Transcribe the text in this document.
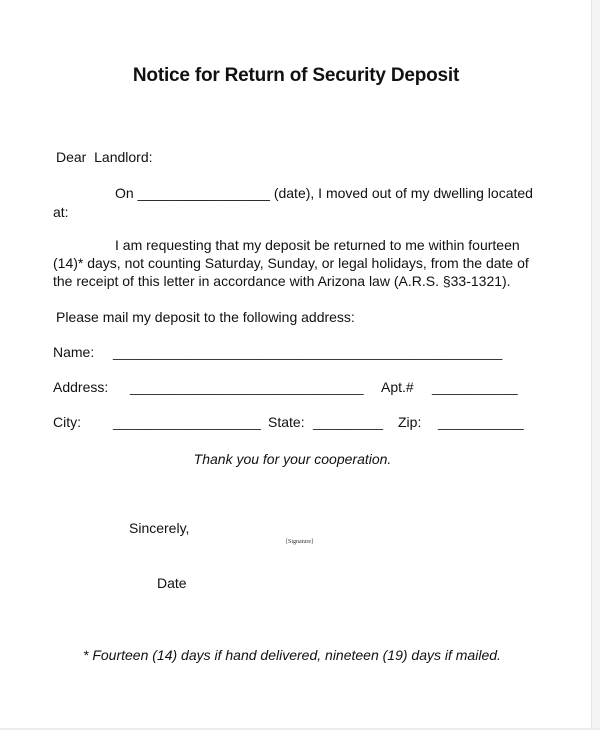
Notice for Return of Security Deposit
Dear  Landlord:
On _________________ (date), I moved out of my dwelling located
at:
I am requesting that my deposit be returned to me within fourteen
(14)* days, not counting Saturday, Sunday, or legal holidays, from the date of
the receipt of this letter in accordance with Arizona law (A.R.S. §33-1321).
Please mail my deposit to the following address:
Name: __________________________________________________
Address: ______________________________ Apt.# ___________
City: ___________________ State: _________ Zip: ___________
Thank you for your cooperation.
Sincerely,
[Signature]
Date
* Fourteen (14) days if hand delivered, nineteen (19) days if mailed.
